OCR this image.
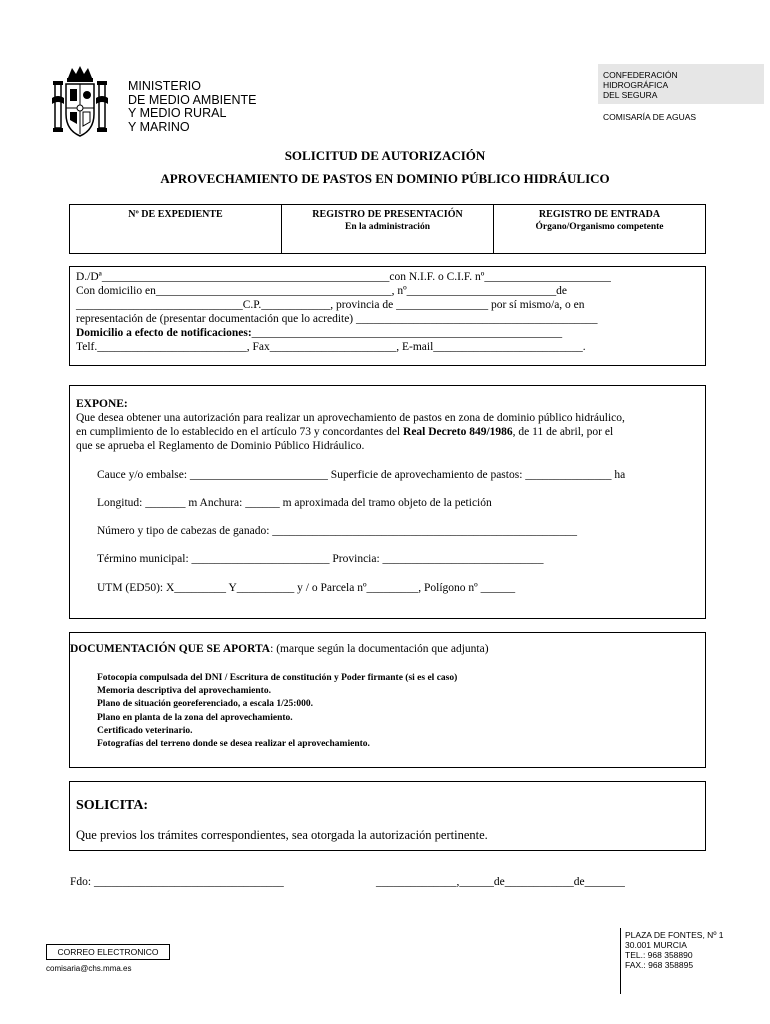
MINISTERIO
DE MEDIO AMBIENTE
Y MEDIO RURAL
Y MARINO
CONFEDERACIÓN
HIDROGRÁFICA
DEL SEGURA
COMISARÍA DE AGUAS
SOLICITUD DE AUTORIZACIÓN
APROVECHAMIENTO DE PASTOS EN DOMINIO PÚBLICO HIDRÁULICO
Nº DE EXPEDIENTE	REGISTRO DE PRESENTACIÓN
En la administración
REGISTRO DE ENTRADA
Órgano/Organismo competente
D./Dª__________________________________________________con N.I.F. o C.I.F. nº______________________
Con domicilio en_________________________________________, nº__________________________de
_____________________________C.P.____________, provincia de ________________ por sí mismo/a, o en
representación de (presentar documentación que lo acredite) __________________________________________
Domicilio a efecto de notificaciones:______________________________________________________
Telf.__________________________, Fax______________________, E-mail__________________________.
EXPONE:
Que desea obtener una autorización para realizar un aprovechamiento de pastos en zona de dominio público hidráulico,
en cumplimiento de lo establecido en el artículo 73 y concordantes del Real Decreto 849/1986, de 11 de abril, por el
que se aprueba el Reglamento de Dominio Público Hidráulico.
Cauce y/o embalse: ________________________ Superficie de aprovechamiento de pastos: _______________ ha
Longitud: _______ m Anchura: ______ m aproximada del tramo objeto de la petición
Número y tipo de cabezas de ganado: _____________________________________________________
Término municipal: ________________________ Provincia: ____________________________
UTM (ED50): X_________ Y__________ y / o Parcela nº_________, Polígono nº ______
DOCUMENTACIÓN QUE SE APORTA: (marque según la documentación que adjunta)
Fotocopia compulsada del DNI / Escritura de constitución y Poder firmante (si es el caso)
Memoria descriptiva del aprovechamiento.
Plano de situación georeferenciado, a escala 1/25:000.
Plano en planta de la zona del aprovechamiento.
Certificado veterinario.
Fotografías del terreno donde se desea realizar el aprovechamiento.
SOLICITA:
Que previos los trámites correspondientes, sea otorgada la autorización pertinente.
Fdo: _________________________________	______________,______de____________de_______
CORREO ELECTRONICO
comisaria@chs.mma.es
PLAZA DE FONTES, Nº 1
30.001 MURCIA
TEL.: 968 358890
FAX.: 968 358895
